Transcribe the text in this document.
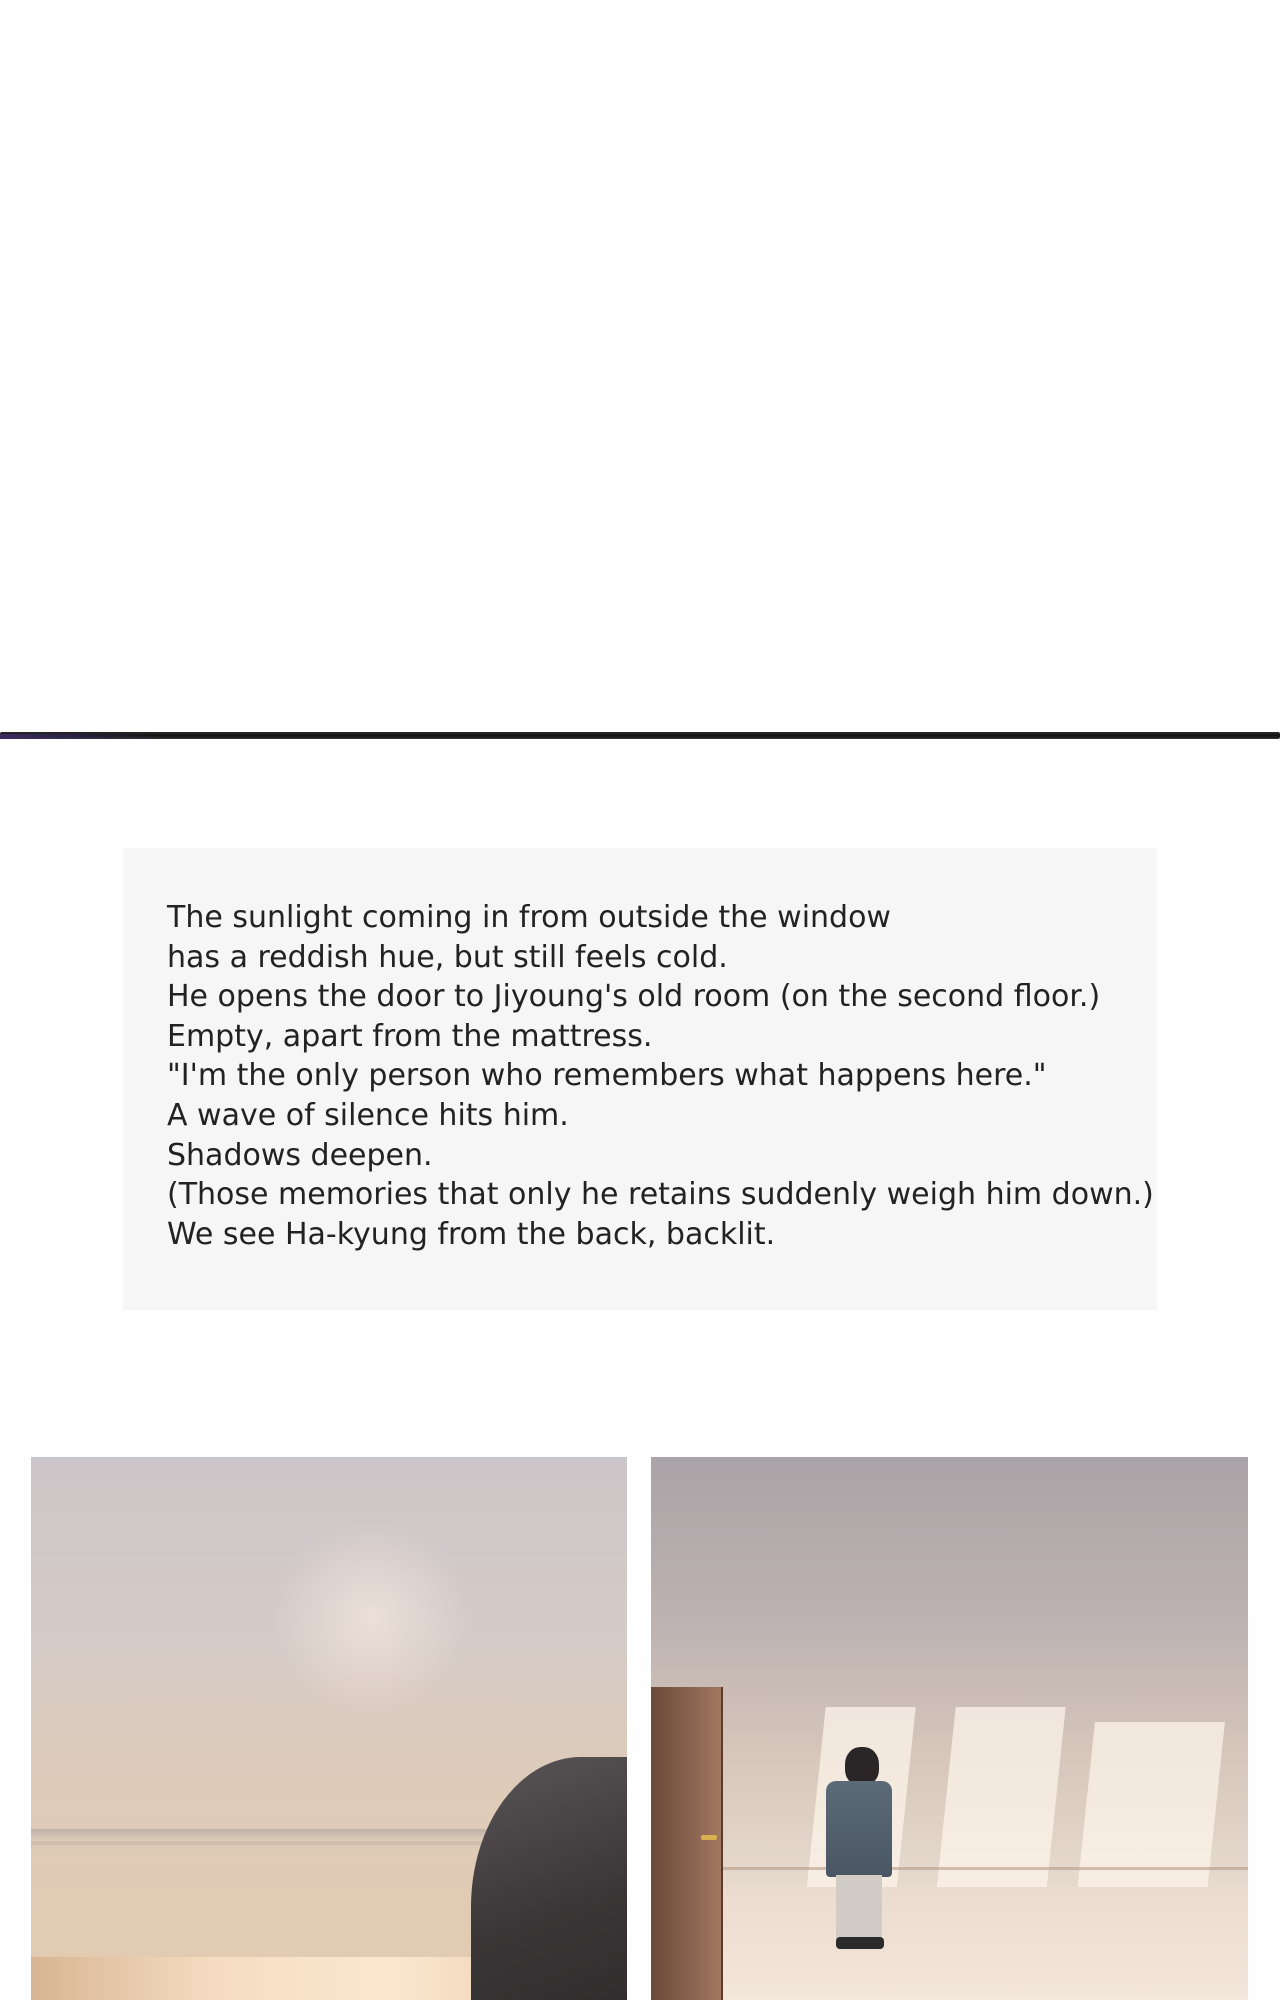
The sunlight coming in from outside the window
has a reddish hue, but still feels cold.
He opens the door to Jiyoung's old room (on the second floor.)
Empty, apart from the mattress.
"I'm the only person who remembers what happens here."
A wave of silence hits him.
Shadows deepen.
(Those memories that only he retains suddenly weigh him down.)
We see Ha-kyung from the back, backlit.
